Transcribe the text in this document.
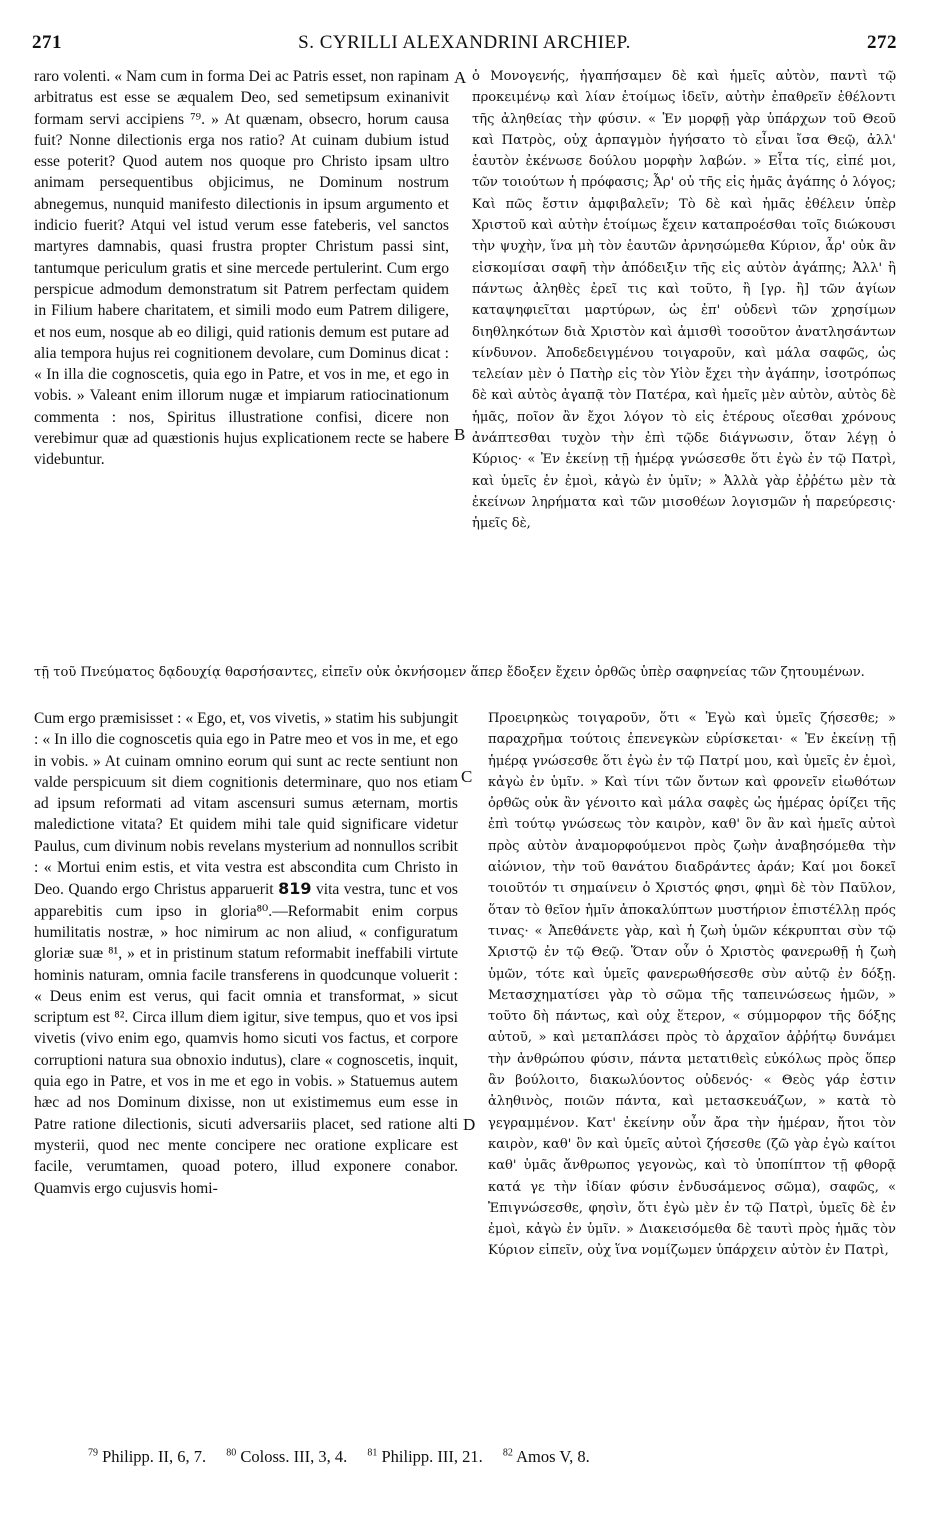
271	S. CYRILLI ALEXANDRINI ARCHIEP.	272
raro volenti. « Nam cum in forma Dei ac Patris esset, non rapinam arbitratus est esse se æqualem Deo, sed semetipsum exinanivit formam servi accipiens ⁷⁹. » At quænam, obsecro, horum causa fuit? Nonne dilectionis erga nos ratio? At cuinam dubium istud esse poterit? Quod autem nos quoque pro Christo ipsam ultro animam persequentibus objicimus, ne Dominum nostrum abnegemus, nunquid manifesto dilectionis in ipsum argumento et indicio fuerit? Atqui vel istud verum esse fateberis, vel sanctos martyres damnabis, quasi frustra propter Christum passi sint, tantumque periculum gratis et sine mercede pertulerint. Cum ergo perspicue admodum demonstratum sit Patrem perfectam quidem in Filium habere charitatem, et simili modo eum Patrem diligere, et nos eum, nosque ab eo diligi, quid rationis demum est putare ad alia tempora hujus rei cognitionem devolare, cum Dominus dicat : « In illa die cognoscetis, quia ego in Patre, et vos in me, et ego in vobis. » Valeant enim illorum nugæ et impiarum ratiocinationum commenta : nos, Spiritus illustratione confisi, dicere non verebimur quæ ad quæstionis hujus explicationem recte se habere videbuntur.
ὁ Μονογενής, ἠγαπήσαμεν δὲ καὶ ἡμεῖς αὐτὸν, παντὶ τῷ προκειμένῳ καὶ λίαν ἑτοίμως ἰδεῖν, αὐτὴν ἐπαθρεῖν ἐθέλοντι τῆς ἀληθείας τὴν φύσιν. « Ἐν μορφῇ γὰρ ὑπάρχων τοῦ Θεοῦ καὶ Πατρὸς, οὐχ ἁρπαγμὸν ἡγήσατο τὸ εἶναι ἴσα Θεῷ, ἀλλ' ἑαυτὸν ἐκένωσε δούλου μορφὴν λαβών. » Εἶτα τίς, εἰπέ μοι, τῶν τοιούτων ἡ πρόφασις; Ἆρ' οὐ τῆς εἰς ἡμᾶς ἀγάπης ὁ λόγος; Καὶ πῶς ἔστιν ἀμφιβαλεῖν; Τὸ δὲ καὶ ἡμᾶς ἐθέλειν ὑπὲρ Χριστοῦ καὶ αὐτὴν ἑτοίμως ἔχειν καταπροέσθαι τοῖς διώκουσι τὴν ψυχὴν, ἵνα μὴ τὸν ἑαυτῶν ἀρνησώμεθα Κύριον, ἆρ' οὐκ ἂν εἰσκομίσαι σαφῆ τὴν ἀπόδειξιν τῆς εἰς αὐτὸν ἀγάπης; Ἀλλ' ἢ πάντως ἀληθὲς ἐρεῖ τις καὶ τοῦτο, ἢ [γρ. ἢ] τῶν ἁγίων καταψηφιεῖται μαρτύρων, ὡς ἐπ' οὐδενὶ τῶν χρησίμων διηθληκότων διὰ Χριστὸν καὶ ἀμισθὶ τοσοῦτον ἀνατλησάντων κίνδυνον. Ἀποδεδειγμένου τοιγαροῦν, καὶ μάλα σαφῶς, ὡς τελείαν μὲν ὁ Πατὴρ εἰς τὸν Υἱὸν ἔχει τὴν ἀγάπην, ἰσοτρόπως δὲ καὶ αὐτὸς ἀγαπᾷ τὸν Πατέρα, καὶ ἡμεῖς μὲν αὐτὸν, αὐτὸς δὲ ἡμᾶς, ποῖον ἂν ἔχοι λόγον τὸ εἰς ἑτέρους οἴεσθαι χρόνους ἀνάπτεσθαι τυχὸν τὴν ἐπὶ τῷδε διάγνωσιν, ὅταν λέγῃ ὁ Κύριος· « Ἐν ἐκείνῃ τῇ ἡμέρᾳ γνώσεσθε ὅτι ἐγὼ ἐν τῷ Πατρὶ, καὶ ὑμεῖς ἐν ἐμοὶ, κἀγὼ ἐν ὑμῖν; » Ἀλλὰ γὰρ ἐῤῥέτω μὲν τὰ ἐκείνων ληρήματα καὶ τῶν μισοθέων λογισμῶν ἡ παρεύρεσις· ἡμεῖς δὲ,
A
B
C
D
τῇ τοῦ Πνεύματος δᾳδουχίᾳ θαρσήσαντες, εἰπεῖν οὐκ ὀκνήσομεν ἅπερ ἔδοξεν ἔχειν ὀρθῶς ὑπὲρ σαφηνείας τῶν ζητουμένων.
Cum ergo præmisisset : « Ego, et, vos vivetis, » statim his subjungit : « In illo die cognoscetis quia ego in Patre meo et vos in me, et ego in vobis. » At cuinam omnino eorum qui sunt ac recte sentiunt non valde perspicuum sit diem cognitionis determinare, quo nos etiam ad ipsum reformati ad vitam ascensuri sumus æternam, mortis maledictione vitata? Et quidem mihi tale quid significare videtur Paulus, cum divinum nobis revelans mysterium ad nonnullos scribit : « Mortui enim estis, et vita vestra est abscondita cum Christo in Deo. Quando ergo Christus apparuerit 819 vita vestra, tunc et vos apparebitis cum ipso in gloria⁸⁰.—Reformabit enim corpus humilitatis nostræ, » hoc nimirum ac non aliud, « configuratum gloriæ suæ ⁸¹, » et in pristinum statum reformabit ineffabili virtute hominis naturam, omnia facile transferens in quodcunque voluerit : « Deus enim est verus, qui facit omnia et transformat, » sicut scriptum est ⁸². Circa illum diem igitur, sive tempus, quo et vos ipsi vivetis (vivo enim ego, quamvis homo sicuti vos factus, et corpore corruptioni natura sua obnoxio indutus), clare « cognoscetis, inquit, quia ego in Patre, et vos in me et ego in vobis. » Statuemus autem hæc ad nos Dominum dixisse, non ut existimemus eum esse in Patre ratione dilectionis, sicuti adversariis placet, sed ratione alti mysterii, quod nec mente concipere nec oratione explicare est facile, verumtamen, quoad potero, illud exponere conabor. Quamvis ergo cujusvis homi-
Προειρηκὼς τοιγαροῦν, ὅτι « Ἐγὼ καὶ ὑμεῖς ζήσεσθε; » παραχρῆμα τούτοις ἐπενεγκὼν εὑρίσκεται· « Ἐν ἐκείνῃ τῇ ἡμέρᾳ γνώσεσθε ὅτι ἐγὼ ἐν τῷ Πατρί μου, καὶ ὑμεῖς ἐν ἐμοὶ, κἀγὼ ἐν ὑμῖν. » Καὶ τίνι τῶν ὄντων καὶ φρονεῖν εἰωθότων ὀρθῶς οὐκ ἂν γένοιτο καὶ μάλα σαφὲς ὡς ἡμέρας ὁρίζει τῆς ἐπὶ τούτῳ γνώσεως τὸν καιρὸν, καθ' ὃν ἂν καὶ ἡμεῖς αὐτοὶ πρὸς αὐτὸν ἀναμορφούμενοι πρὸς ζωὴν ἀναβησόμεθα τὴν αἰώνιον, τὴν τοῦ θανάτου διαδράντες ἀράν; Καί μοι δοκεῖ τοιοῦτόν τι σημαίνειν ὁ Χριστός φησι, φημὶ δὲ τὸν Παῦλον, ὅταν τὸ θεῖον ἡμῖν ἀποκαλύπτων μυστήριον ἐπιστέλλῃ πρός τινας· « Ἀπεθάνετε γὰρ, καὶ ἡ ζωὴ ὑμῶν κέκρυπται σὺν τῷ Χριστῷ ἐν τῷ Θεῷ. Ὅταν οὖν ὁ Χριστὸς φανερωθῇ ἡ ζωὴ ὑμῶν, τότε καὶ ὑμεῖς φανερωθήσεσθε σὺν αὐτῷ ἐν δόξῃ. Μετασχηματίσει γὰρ τὸ σῶμα τῆς ταπεινώσεως ἡμῶν, » τοῦτο δὴ πάντως, καὶ οὐχ ἕτερον, « σύμμορφον τῆς δόξης αὐτοῦ, » καὶ μεταπλάσει πρὸς τὸ ἀρχαῖον ἀῤῥήτῳ δυνάμει τὴν ἀνθρώπου φύσιν, πάντα μετατιθεὶς εὐκόλως πρὸς ὅπερ ἂν βούλοιτο, διακωλύοντος οὐδενός· « Θεὸς γάρ ἐστιν ἀληθινὸς, ποιῶν πάντα, καὶ μετασκευάζων, » κατὰ τὸ γεγραμμένον. Κατ' ἐκείνην οὖν ἄρα τὴν ἡμέραν, ἤτοι τὸν καιρὸν, καθ' ὃν καὶ ὑμεῖς αὐτοὶ ζήσεσθε (ζῶ γὰρ ἐγὼ καίτοι καθ' ὑμᾶς ἄνθρωπος γεγονὼς, καὶ τὸ ὑποπίπτον τῇ φθορᾷ κατά γε τὴν ἰδίαν φύσιν ἐνδυσάμενος σῶμα), σαφῶς, « Ἐπιγνώσεσθε, φησὶν, ὅτι ἐγὼ μὲν ἐν τῷ Πατρὶ, ὑμεῖς δὲ ἐν ἐμοὶ, κἀγὼ ἐν ὑμῖν. » Διακεισόμεθα δὲ ταυτὶ πρὸς ἡμᾶς τὸν Κύριον εἰπεῖν, οὐχ ἵνα νομίζωμεν ὑπάρχειν αὐτὸν ἐν Πατρὶ,
$^{79}$ Philipp. II, 6, 7. $^{80}$ Coloss. III, 3, 4. $^{81}$ Philipp. III, 21. $^{82}$ Amos V, 8.
